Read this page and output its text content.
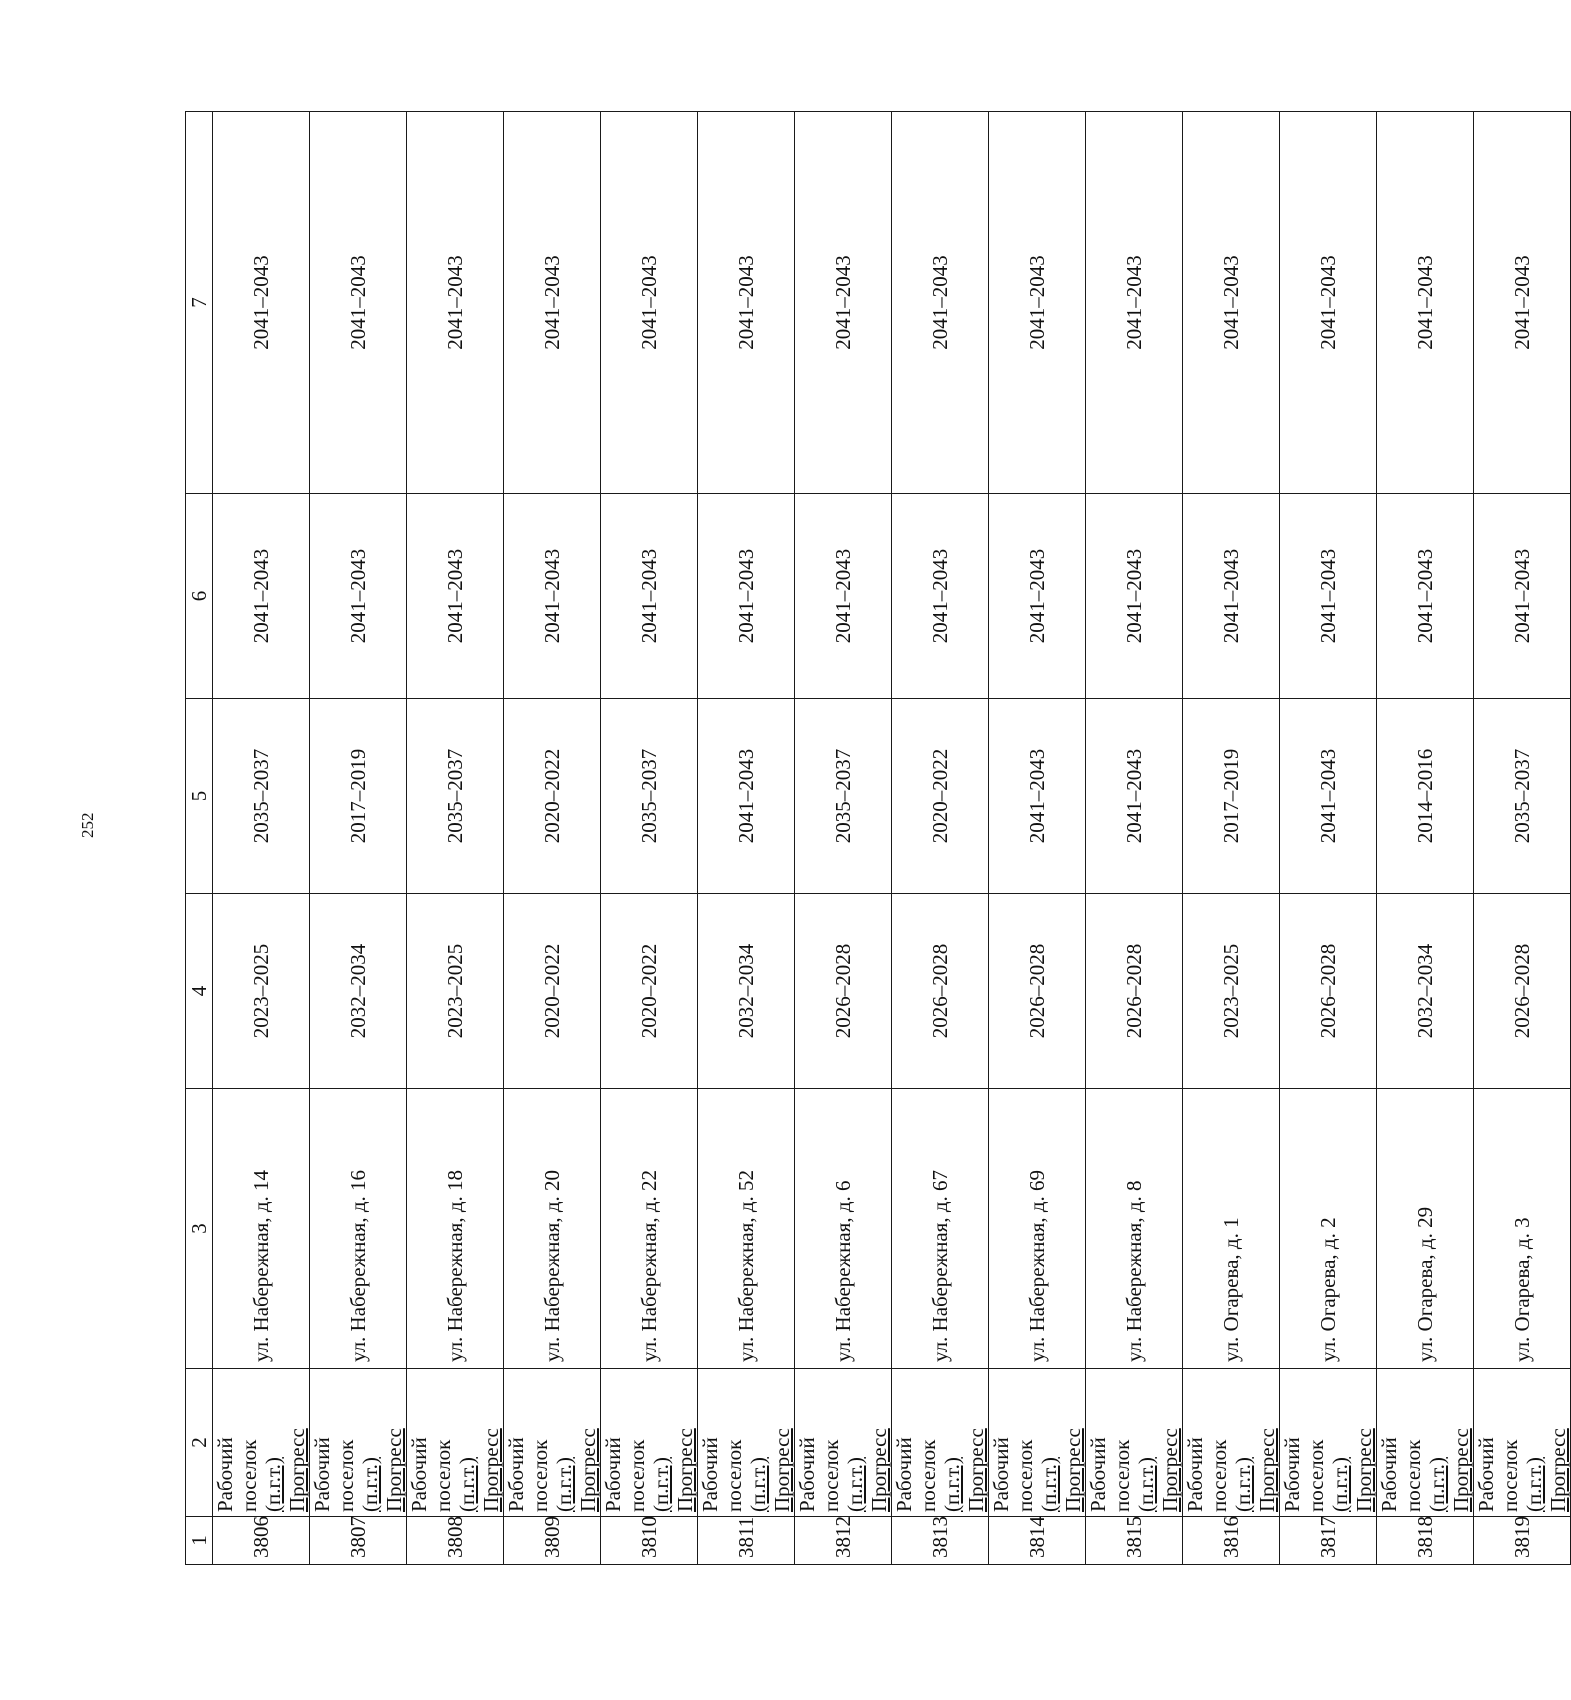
252
1	2	3	4	5	6	7
3806	Рабочий поселок (п.г.т.) Прогресс	ул. Набережная, д. 14	2023–2025	2035–2037	2041–2043	2041–2043
3807	Рабочий поселок (п.г.т.) Прогресс	ул. Набережная, д. 16	2032–2034	2017–2019	2041–2043	2041–2043
3808	Рабочий поселок (п.г.т.) Прогресс	ул. Набережная, д. 18	2023–2025	2035–2037	2041–2043	2041–2043
3809	Рабочий поселок (п.г.т.) Прогресс	ул. Набережная, д. 20	2020–2022	2020–2022	2041–2043	2041–2043
3810	Рабочий поселок (п.г.т.) Прогресс	ул. Набережная, д. 22	2020–2022	2035–2037	2041–2043	2041–2043
3811	Рабочий поселок (п.г.т.) Прогресс	ул. Набережная, д. 52	2032–2034	2041–2043	2041–2043	2041–2043
3812	Рабочий поселок (п.г.т.) Прогресс	ул. Набережная, д. 6	2026–2028	2035–2037	2041–2043	2041–2043
3813	Рабочий поселок (п.г.т.) Прогресс	ул. Набережная, д. 67	2026–2028	2020–2022	2041–2043	2041–2043
3814	Рабочий поселок (п.г.т.) Прогресс	ул. Набережная, д. 69	2026–2028	2041–2043	2041–2043	2041–2043
3815	Рабочий поселок (п.г.т.) Прогресс	ул. Набережная, д. 8	2026–2028	2041–2043	2041–2043	2041–2043
3816	Рабочий поселок (п.г.т.) Прогресс	ул. Огарева, д. 1	2023–2025	2017–2019	2041–2043	2041–2043
3817	Рабочий поселок (п.г.т.) Прогресс	ул. Огарева, д. 2	2026–2028	2041–2043	2041–2043	2041–2043
3818	Рабочий поселок (п.г.т.) Прогресс	ул. Огарева, д. 29	2032–2034	2014–2016	2041–2043	2041–2043
3819	Рабочий поселок (п.г.т.) Прогресс	ул. Огарева, д. 3	2026–2028	2035–2037	2041–2043	2041–2043
